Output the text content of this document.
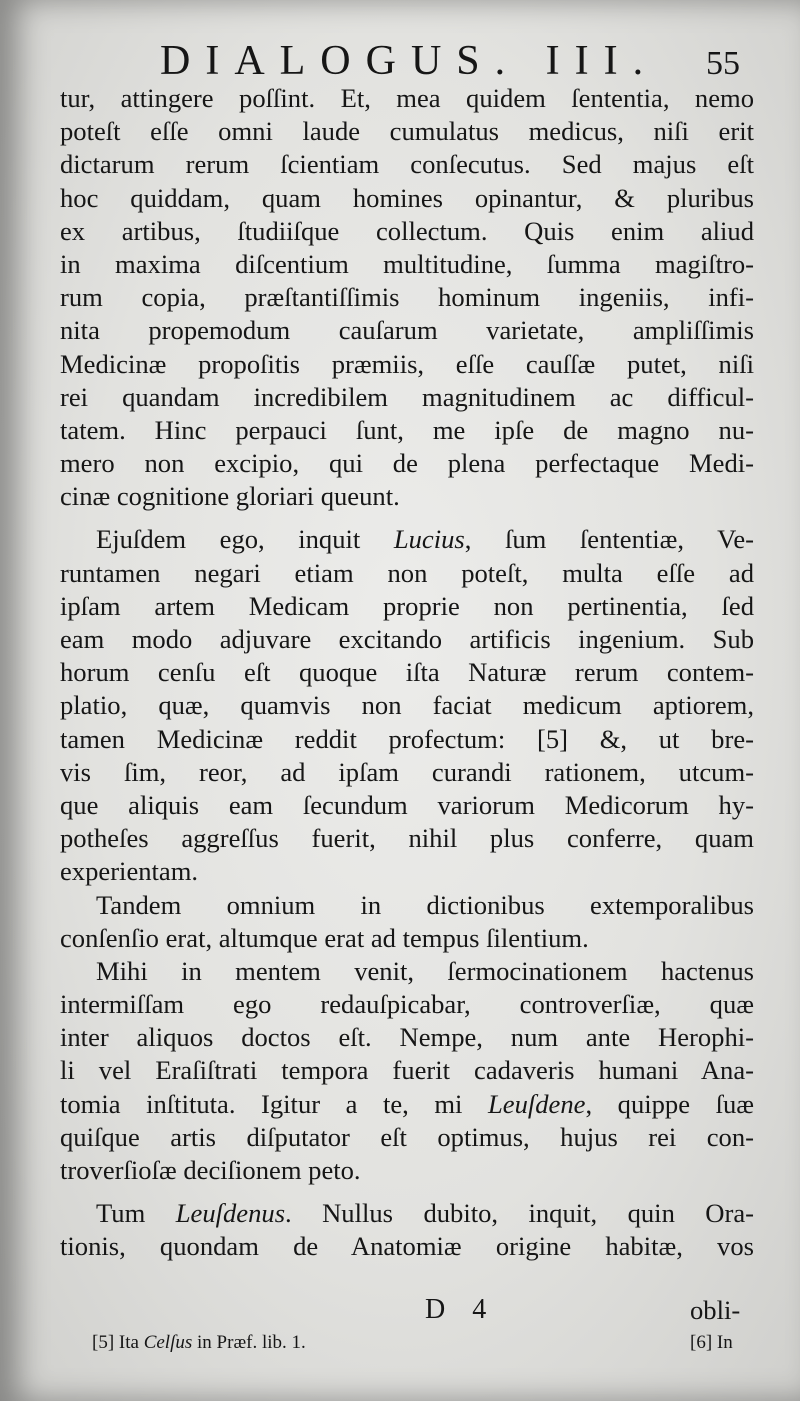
DIALOGUS. III. 55
tur, attingere poſſint. Et, mea quidem ſententia, nemo
poteſt eſſe omni laude cumulatus medicus, niſi erit
dictarum rerum ſcientiam conſecutus. Sed majus eſt
hoc quiddam, quam homines opinantur, & pluribus
ex artibus, ſtudiiſque collectum. Quis enim aliud
in maxima diſcentium multitudine, ſumma magiſtro-
rum copia, præſtantiſſimis hominum ingeniis, infi-
nita propemodum cauſarum varietate, ampliſſimis
Medicinæ propoſitis præmiis, eſſe cauſſæ putet, niſi
rei quandam incredibilem magnitudinem ac difficul-
tatem. Hinc perpauci ſunt, me ipſe de magno nu-
mero non excipio, qui de plena perfectaque Medi-
cinæ cognitione gloriari queunt.
Ejuſdem ego, inquit Lucius, ſum ſententiæ, Ve-
runtamen negari etiam non poteſt, multa eſſe ad
ipſam artem Medicam proprie non pertinentia, ſed
eam modo adjuvare excitando artificis ingenium. Sub
horum cenſu eſt quoque iſta Naturæ rerum contem-
platio, quæ, quamvis non faciat medicum aptiorem,
tamen Medicinæ reddit profectum: [5] &, ut bre-
vis ſim, reor, ad ipſam curandi rationem, utcum-
que aliquis eam ſecundum variorum Medicorum hy-
potheſes aggreſſus fuerit, nihil plus conferre, quam
experientam.
Tandem omnium in dictionibus extemporalibus
conſenſio erat, altumque erat ad tempus ſilentium.
Mihi in mentem venit, ſermocinationem hactenus
intermiſſam ego redauſpicabar, controverſiæ, quæ
inter aliquos doctos eſt. Nempe, num ante Herophi-
li vel Eraſiſtrati tempora fuerit cadaveris humani Ana-
tomia inſtituta. Igitur a te, mi Leuſdene, quippe ſuæ
quiſque artis diſputator eſt optimus, hujus rei con-
troverſioſæ deciſionem peto.
Tum Leuſdenus. Nullus dubito, inquit, quin Ora-
tionis, quondam de Anatomiæ origine habitæ, vos
D 4	obli-
[5] Ita Celſus in Præf. lib. 1.	[6] In
